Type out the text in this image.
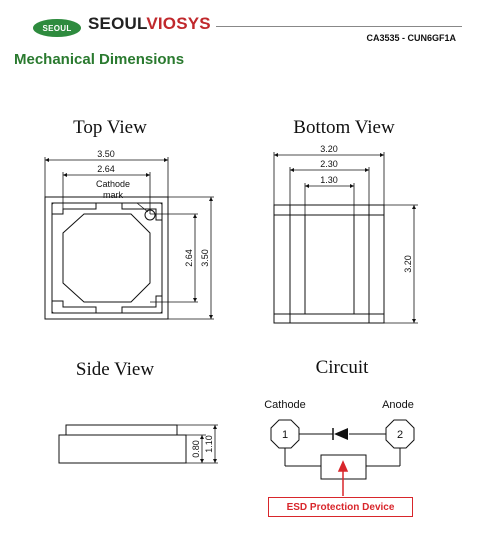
SEOUL SEOULVIOSYS
CA3535 - CUN6GF1A
Mechanical Dimensions
Top View
3.50
2.64
2.64 3.50
Cathode
mark
Bottom View
3.20
2.30
1.30
3.20
Side View
0.80 1.10
Circuit
Cathode	Anode
1	2
ESD Protection Device
